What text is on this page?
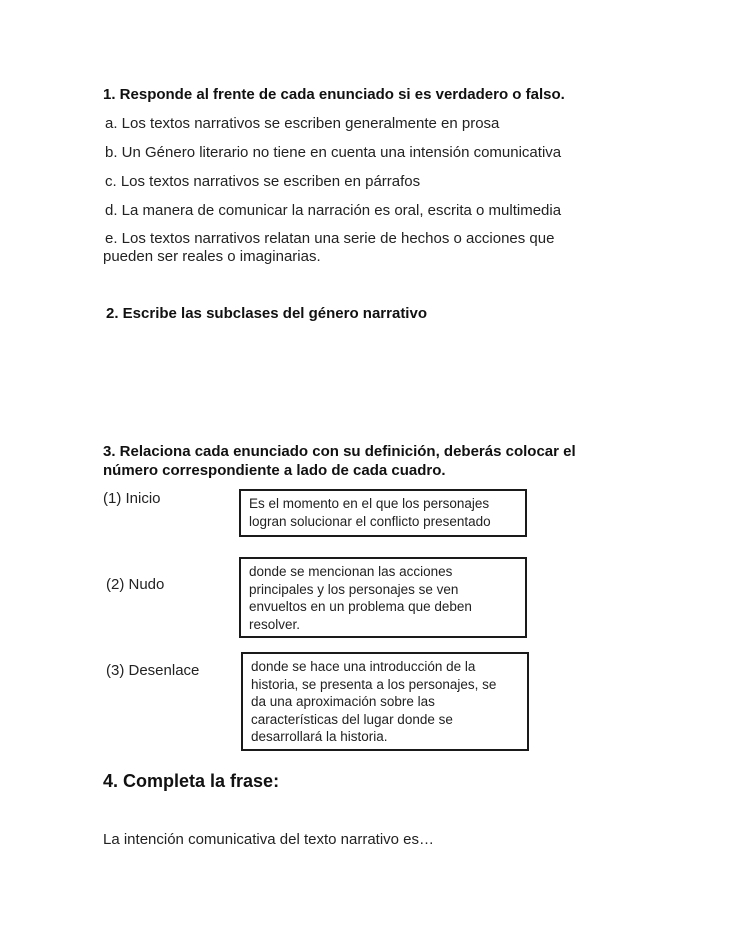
1. Responde al frente de cada enunciado si es verdadero o falso.
a. Los textos narrativos se escriben generalmente en prosa
b. Un Género literario no tiene en cuenta una intensión comunicativa
c. Los textos narrativos se escriben en párrafos
d. La manera de comunicar la narración es oral, escrita o multimedia
e. Los textos narrativos relatan una serie de hechos o acciones que
pueden ser reales o imaginarias.
2. Escribe las subclases del género narrativo
3. Relaciona cada enunciado con su definición, deberás colocar el
número correspondiente a lado de cada cuadro.
(1) Inicio
(2) Nudo
(3) Desenlace
Es el momento en el que los personajes
logran solucionar el conflicto presentado
donde se mencionan las acciones
principales y los personajes se ven
envueltos en un problema que deben
resolver.
donde se hace una introducción de la
historia, se presenta a los personajes, se
da una aproximación sobre las
características del lugar donde se
desarrollará la historia.
4. Completa la frase:
La intención comunicativa del texto narrativo es…
